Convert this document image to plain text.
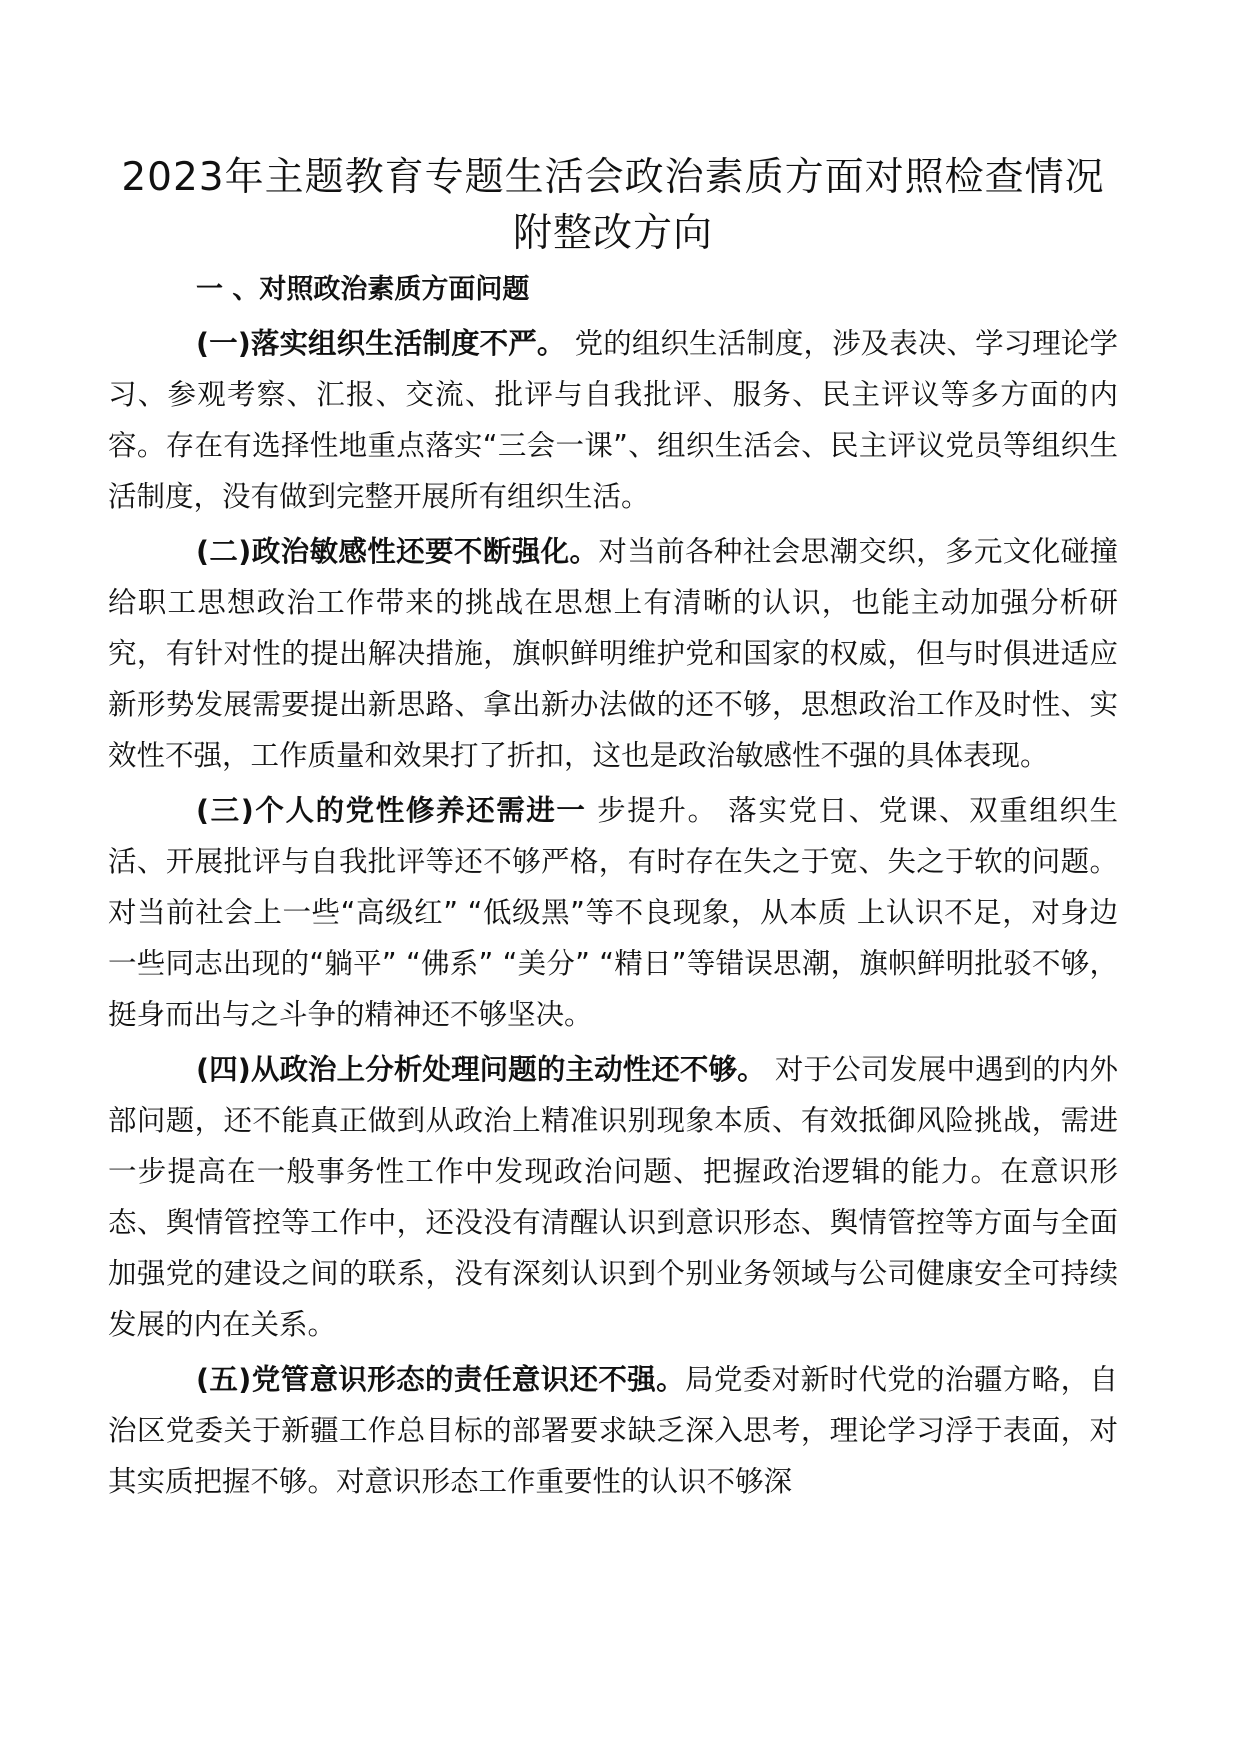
2023年主题教育专题生活会政治素质方面对照检查情况附整改方向
一 、对照政治素质方面问题

(一)落实组织生活制度不严。 党的组织生活制度，涉及表决、学习理论学习、参观考察、汇报、交流、批评与自我批评、服务、民主评议等多方面的内容。存在有选择性地重点落实“三会一课”、组织生活会、民主评议党员等组织生活制度，没有做到完整开展所有组织生活。

(二)政治敏感性还要不断强化。对当前各种社会思潮交织，多元文化碰撞给职工思想政治工作带来的挑战在思想上有清晰的认识，也能主动加强分析研究，有针对性的提出解决措施，旗帜鲜明维护党和国家的权威，但与时俱进适应新形势发展需要提出新思路、拿出新办法做的还不够，思想政治工作及时性、实效性不强，工作质量和效果打了折扣，这也是政治敏感性不强的具体表现。

(三)个人的党性修养还需进一 步提升。 落实党日、党课、双重组织生活、开展批评与自我批评等还不够严格，有时存在失之于宽、失之于软的问题。对当前社会上一些“高级红” “低级黑”等不良现象，从本质 上认识不足，对身边一些同志出现的“躺平” “佛系” “美分” “精日”等错误思潮，旗帜鲜明批驳不够，挺身而出与之斗争的精神还不够坚决。

(四)从政治上分析处理问题的主动性还不够。 对于公司发展中遇到的内外部问题，还不能真正做到从政治上精准识别现象本质、有效抵御风险挑战，需进一步提高在一般事务性工作中发现政治问题、把握政治逻辑的能力。在意识形态、舆情管控等工作中，还没没有清醒认识到意识形态、舆情管控等方面与全面加强党的建设之间的联系，没有深刻认识到个别业务领域与公司健康安全可持续发展的内在关系。

(五)党管意识形态的责任意识还不强。局党委对新时代党的治疆方略，自治区党委关于新疆工作总目标的部署要求缺乏深入思考，理论学习浮于表面，对其实质把握不够。对意识形态工作重要性的认识不够深
